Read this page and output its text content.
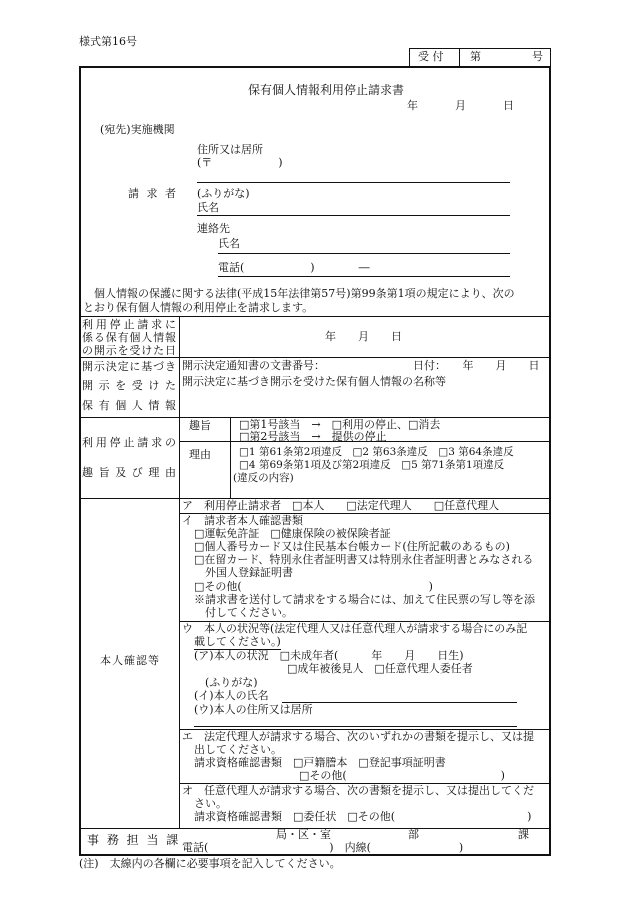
様式第16号
受 付 第	号
保有個人情報利用停止請求書
年	月	日
(宛先)実施機関
住所又は居所
(〒　　　　　　)
請 求 者 (ふりがな)
氏名
連絡先
氏名
電話(　　　　　　)　　　　―
個人情報の保護に関する法律(平成15年法律第57号)第99条第1項の規定により、次の
とおり保有個人情報の利用停止を請求します。
利用停止請求に
係る保有個人情報
の開示を受けた日
年　　月　　日
開示決定に基づき
開 示 を 受 け た
保 有 個 人 情 報
開示決定通知書の文書番号：	日付：　　年　　月　　日
開示決定に基づき開示を受けた保有個人情報の名称等
利用停止請求の
趣 旨 及 び 理 由
趣旨	□第1号該当　→　□利用の停止、□消去
□第2号該当　→　提供の停止
理由	□1 第61条第2項違反　□2 第63条違反　□3 第64条違反
□4 第69条第1項及び第2項違反　□5 第71条第1項違反
(違反の内容)
本人確認等
ア　利用停止請求者　□本人　　□法定代理人　　□任意代理人
イ　請求者本人確認書類
□運転免許証　□健康保険の被保険者証
□個人番号カード又は住民基本台帳カード(住所記載のあるもの)
□在留カード、特別永住者証明書又は特別永住者証明書とみなされる
外国人登録証明書
□その他(　　　　　　　　　　　　　　　　　)
※請求書を送付して請求をする場合には、加えて住民票の写し等を添
付してください。
ウ　本人の状況等(法定代理人又は任意代理人が請求する場合にのみ記
載してください。)
(ア)本人の状況　□未成年者(　　　年　　月　　日生)
□成年被後見人　□任意代理人委任者
(ふりがな)
(イ)本人の氏名
(ウ)本人の住所又は居所
エ　法定代理人が請求する場合、次のいずれかの書類を提示し、又は提
出してください。
請求資格確認書類　□戸籍謄本　□登記事項証明書
□その他(　　　　　　　　　　　　　　)
オ　任意代理人が請求する場合、次の書類を提示し、又は提出してくだ
さい。
請求資格確認書類　□委任状　□その他(　　　　　　　　　　　　)
事 務 担 当 課	局・区・室　　　　　　　部　　　　　　　　　課
電話(　　　　　　　　　　　)　内線(　　　　　　　　)
(注)　太線内の各欄に必要事項を記入してください。
